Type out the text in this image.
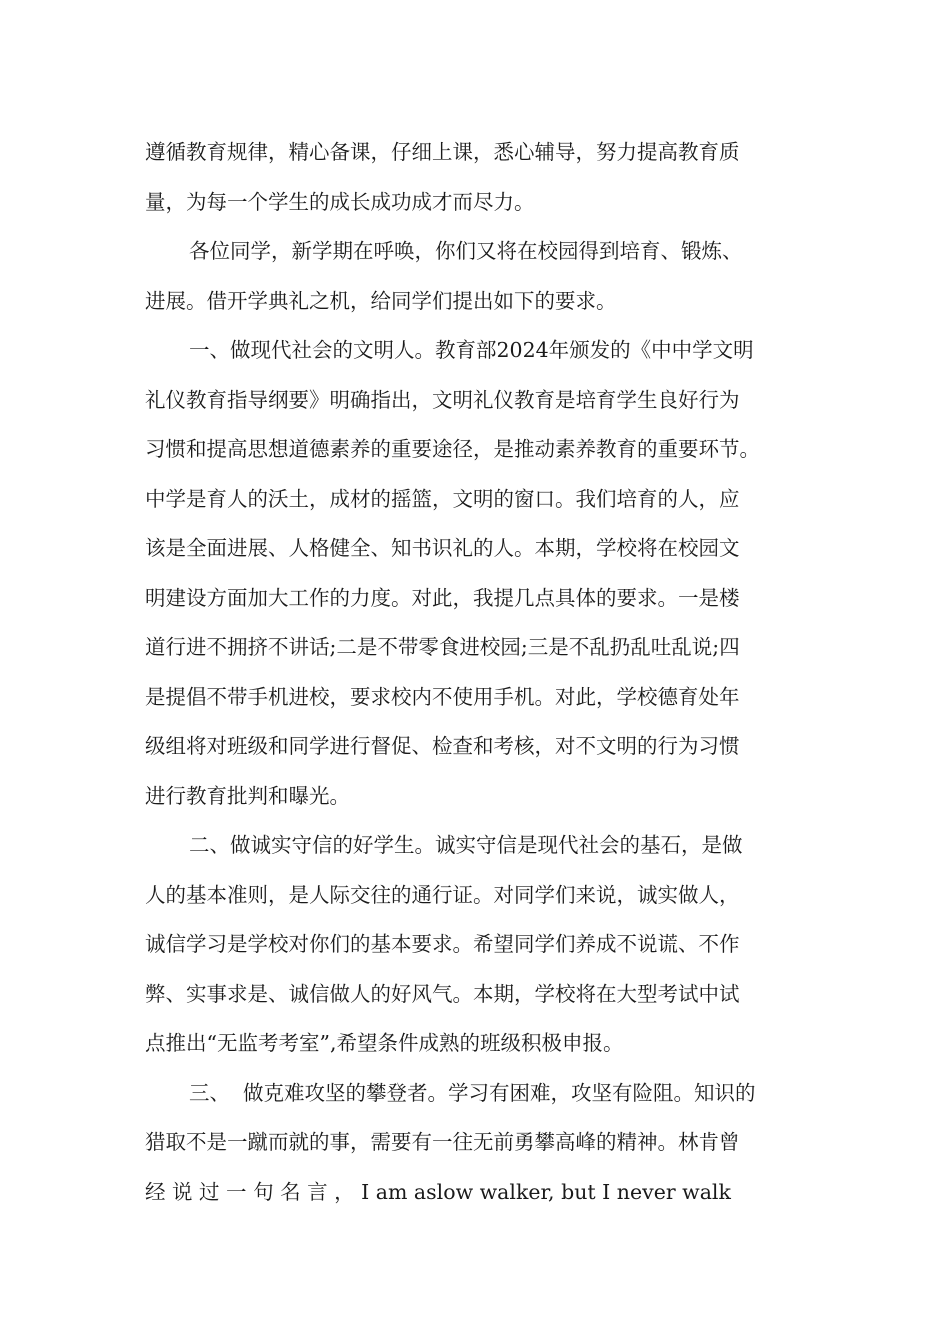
遵循教育规律，精心备课，仔细上课，悉心辅导，努力提高教育质
量，为每一个学生的成长成功成才而尽力。

各位同学，新学期在呼唤，你们又将在校园得到培育、锻炼、
进展。借开学典礼之机，给同学们提出如下的要求。

一、做现代社会的文明人。教育部2024年颁发的《中中学文明
礼仪教育指导纲要》明确指出，文明礼仪教育是培育学生良好行为
习惯和提高思想道德素养的重要途径，是推动素养教育的重要环节。
中学是育人的沃土，成材的摇篮，文明的窗口。我们培育的人，应
该是全面进展、人格健全、知书识礼的人。本期，学校将在校园文
明建设方面加大工作的力度。对此，我提几点具体的要求。一是楼
道行进不拥挤不讲话;二是不带零食进校园;三是不乱扔乱吐乱说;四
是提倡不带手机进校，要求校内不使用手机。对此，学校德育处年
级组将对班级和同学进行督促、检查和考核，对不文明的行为习惯
进行教育批判和曝光。

二、做诚实守信的好学生。诚实守信是现代社会的基石，是做
人的基本准则，是人际交往的通行证。对同学们来说，诚实做人，
诚信学习是学校对你们的基本要求。希望同学们养成不说谎、不作
弊、实事求是、诚信做人的好风气。本期，学校将在大型考试中试
点推出“无监考考室”,希望条件成熟的班级积极申报。

三、  做克难攻坚的攀登者。学习有困难，攻坚有险阻。知识的
猎取不是一蹴而就的事，需要有一往无前勇攀高峰的精神。林肯曾
经 说 过 一 句 名 言 ， I am aslow walker, but I never walk
